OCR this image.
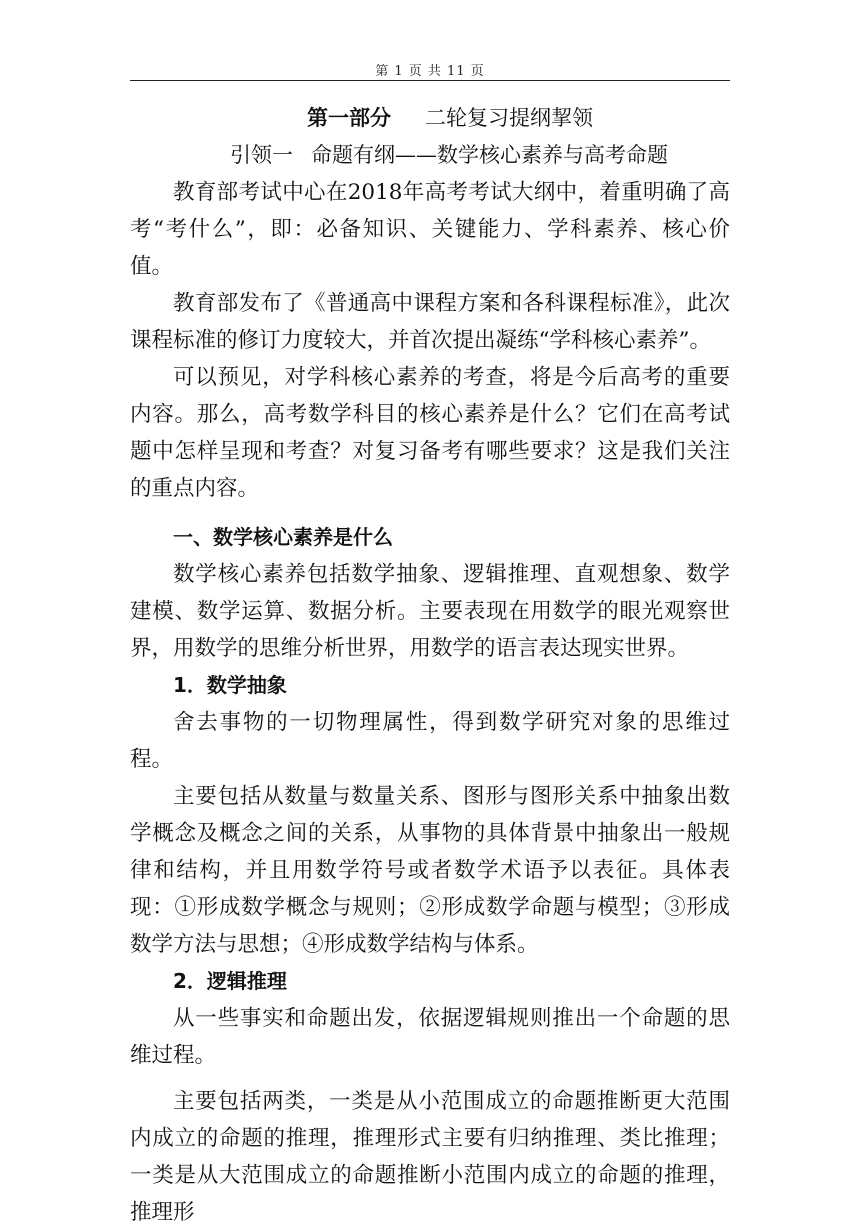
第 1 页 共 11 页
第一部分 二轮复习提纲挈领
引领一 命题有纲——数学核心素养与高考命题

教育部考试中心在2018年高考考试大纲中，着重明确了高考“考什么”，即：必备知识、关键能力、学科素养、核心价值。

教育部发布了《普通高中课程方案和各科课程标准》，此次课程标准的修订力度较大，并首次提出凝练“学科核心素养”。

可以预见，对学科核心素养的考查，将是今后高考的重要内容。那么，高考数学科目的核心素养是什么？它们在高考试题中怎样呈现和考查？对复习备考有哪些要求？这是我们关注的重点内容。

一、数学核心素养是什么

数学核心素养包括数学抽象、逻辑推理、直观想象、数学建模、数学运算、数据分析。主要表现在用数学的眼光观察世界，用数学的思维分析世界，用数学的语言表达现实世界。

1．数学抽象

舍去事物的一切物理属性，得到数学研究对象的思维过程。

主要包括从数量与数量关系、图形与图形关系中抽象出数学概念及概念之间的关系，从事物的具体背景中抽象出一般规律和结构，并且用数学符号或者数学术语予以表征。具体表现：①形成数学概念与规则；②形成数学命题与模型；③形成数学方法与思想；④形成数学结构与体系。

2．逻辑推理

从一些事实和命题出发，依据逻辑规则推出一个命题的思维过程。

主要包括两类，一类是从小范围成立的命题推断更大范围内成立的命题的推理，推理形式主要有归纳推理、类比推理；一类是从大范围成立的命题推断小范围内成立的命题的推理，推理形
